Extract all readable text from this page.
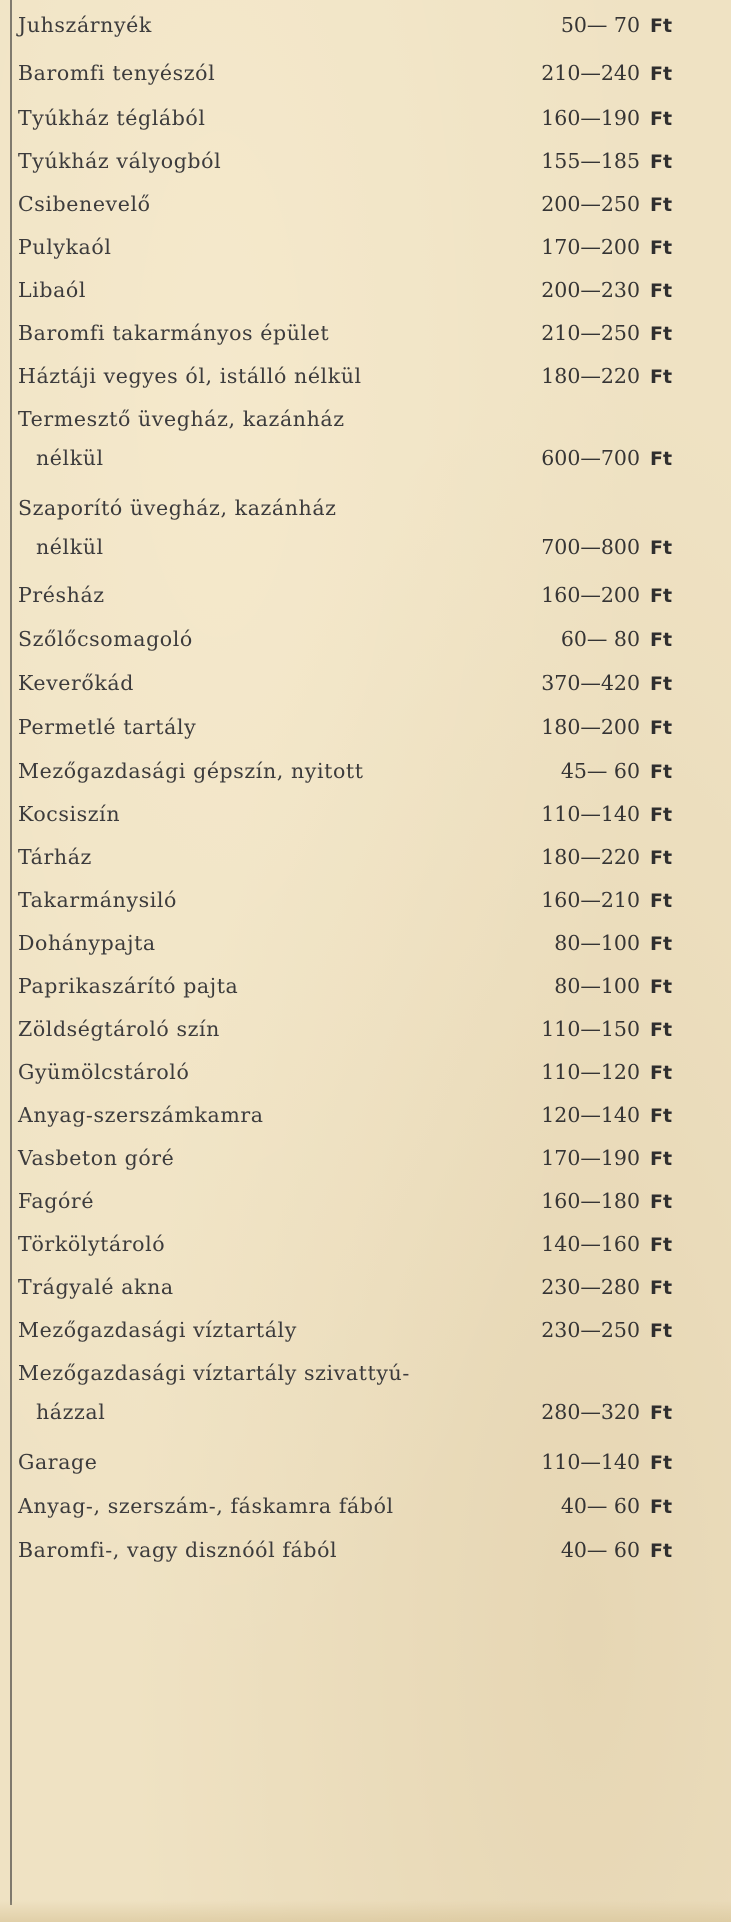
Juhszárnyék	50— 70 Ft
Baromfi tenyészól	210—240 Ft
Tyúkház téglából	160—190 Ft
Tyúkház vályogból	155—185 Ft
Csibenevelő	200—250 Ft
Pulykaól	170—200 Ft
Libaól	200—230 Ft
Baromfi takarmányos épület	210—250 Ft
Háztáji vegyes ól, istálló nélkül	180—220 Ft
Termesztő üvegház, kazánház
nélkül	600—700 Ft
Szaporító üvegház, kazánház
nélkül	700—800 Ft
Présház	160—200 Ft
Szőlőcsomagoló	60— 80 Ft
Keverőkád	370—420 Ft
Permetlé tartály	180—200 Ft
Mezőgazdasági gépszín, nyitott	45— 60 Ft
Kocsiszín	110—140 Ft
Tárház	180—220 Ft
Takarmánysiló	160—210 Ft
Dohánypajta	80—100 Ft
Paprikaszárító pajta	80—100 Ft
Zöldségtároló szín	110—150 Ft
Gyümölcstároló	110—120 Ft
Anyag-szerszámkamra	120—140 Ft
Vasbeton góré	170—190 Ft
Fagóré	160—180 Ft
Törkölytároló	140—160 Ft
Trágyalé akna	230—280 Ft
Mezőgazdasági víztartály	230—250 Ft
Mezőgazdasági víztartály szivattyú-
házzal	280—320 Ft
Garage	110—140 Ft
Anyag-, szerszám-, fáskamra fából	40— 60 Ft
Baromfi-, vagy disznóól fából	40— 60 Ft
